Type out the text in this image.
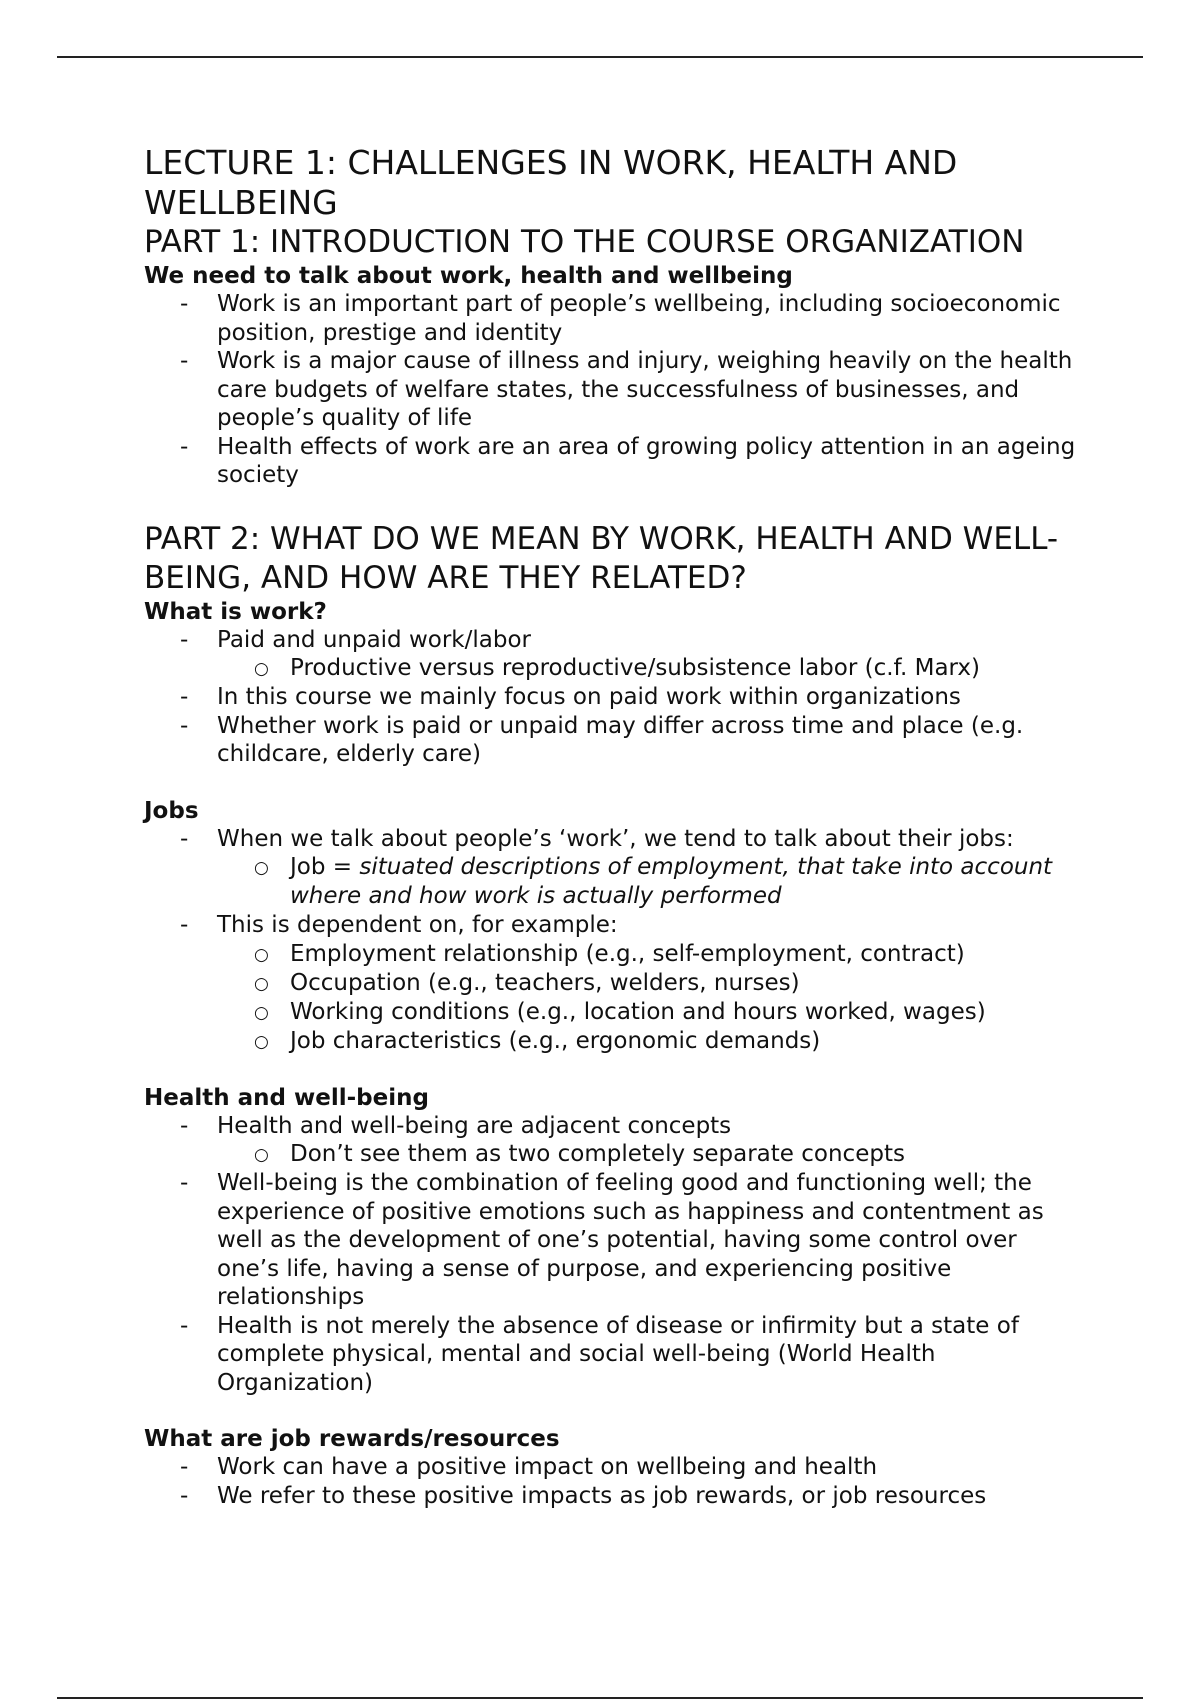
LECTURE 1: CHALLENGES IN WORK, HEALTH AND WELLBEING
PART 1: INTRODUCTION TO THE COURSE ORGANIZATION
We need to talk about work, health and wellbeing
- Work is an important part of people’s wellbeing, including socioeconomic position, prestige and identity
- Work is a major cause of illness and injury, weighing heavily on the health care budgets of welfare states, the successfulness of businesses, and people’s quality of life
- Health effects of work are an area of growing policy attention in an ageing society
PART 2: WHAT DO WE MEAN BY WORK, HEALTH AND WELL-BEING, AND HOW ARE THEY RELATED?
What is work?
- Paid and unpaid work/labor
○ Productive versus reproductive/subsistence labor (c.f. Marx)
- In this course we mainly focus on paid work within organizations
- Whether work is paid or unpaid may differ across time and place (e.g. childcare, elderly care)
Jobs
- When we talk about people’s ‘work’, we tend to talk about their jobs:
○ Job = situated descriptions of employment, that take into account where and how work is actually performed
- This is dependent on, for example:
○ Employment relationship (e.g., self-employment, contract)
○ Occupation (e.g., teachers, welders, nurses)
○ Working conditions (e.g., location and hours worked, wages)
○ Job characteristics (e.g., ergonomic demands)
Health and well-being
- Health and well-being are adjacent concepts
○ Don’t see them as two completely separate concepts
- Well-being is the combination of feeling good and functioning well; the experience of positive emotions such as happiness and contentment as well as the development of one’s potential, having some control over one’s life, having a sense of purpose, and experiencing positive relationships
- Health is not merely the absence of disease or infirmity but a state of complete physical, mental and social well-being (World Health Organization)
What are job rewards/resources
- Work can have a positive impact on wellbeing and health
- We refer to these positive impacts as job rewards, or job resources
